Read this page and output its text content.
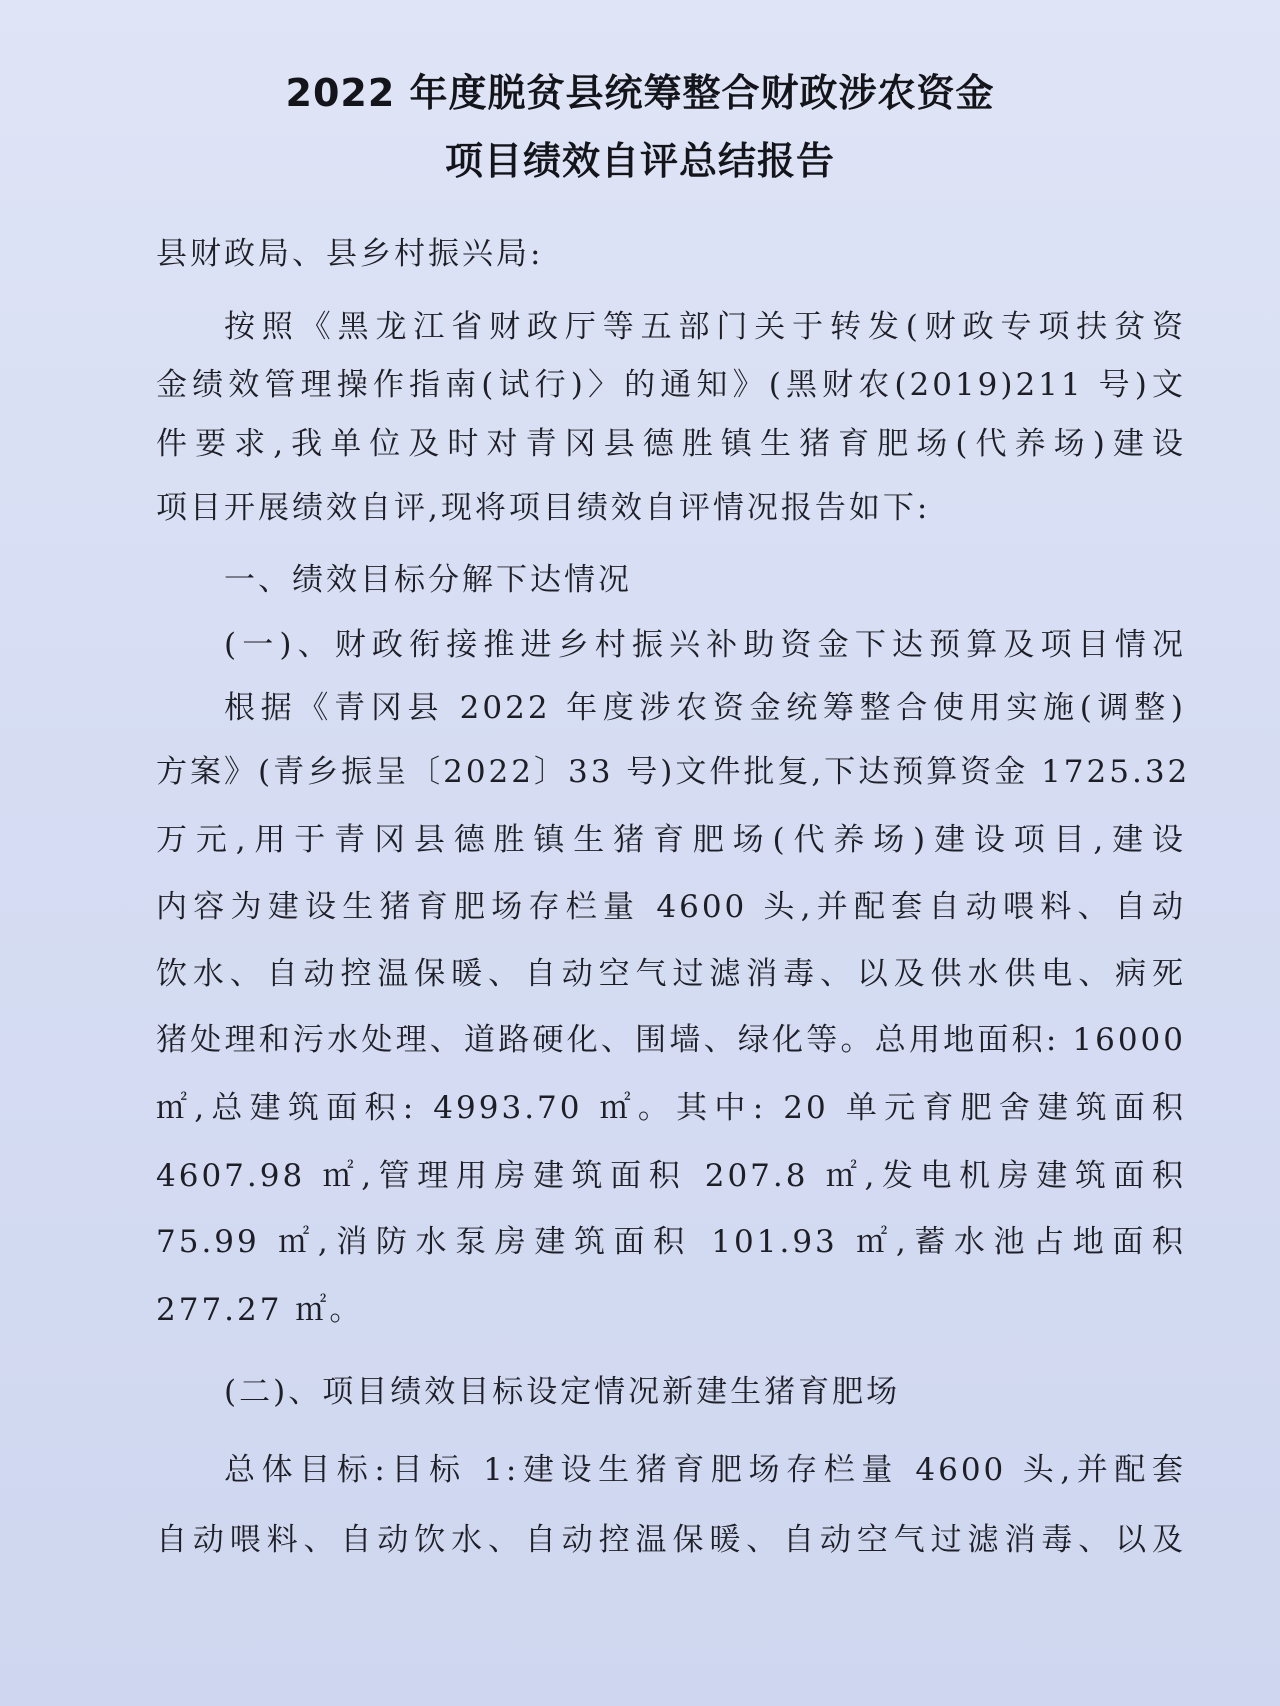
2022 年度脱贫县统筹整合财政涉农资金
项目绩效自评总结报告
县财政局、县乡村振兴局:
按照《黑龙江省财政厅等五部门关于转发(财政专项扶贫资
金绩效管理操作指南(试行)〉的通知》(黑财农(2019)211 号)文
件要求,我单位及时对青冈县德胜镇生猪育肥场(代养场)建设
项目开展绩效自评,现将项目绩效自评情况报告如下:
一、绩效目标分解下达情况
(一)、财政衔接推进乡村振兴补助资金下达预算及项目情况
根据《青冈县 2022 年度涉农资金统筹整合使用实施(调整)
方案》(青乡振呈〔2022〕33 号)文件批复,下达预算资金 1725.32
万元,用于青冈县德胜镇生猪育肥场(代养场)建设项目,建设
内容为建设生猪育肥场存栏量 4600 头,并配套自动喂料、自动
饮水、自动控温保暖、自动空气过滤消毒、以及供水供电、病死
猪处理和污水处理、道路硬化、围墙、绿化等。总用地面积: 16000
㎡,总建筑面积: 4993.70 ㎡。其中: 20 单元育肥舍建筑面积
4607.98 ㎡,管理用房建筑面积 207.8 ㎡,发电机房建筑面积
75.99 ㎡,消防水泵房建筑面积 101.93 ㎡,蓄水池占地面积
277.27 ㎡。
(二)、项目绩效目标设定情况新建生猪育肥场
总体目标:目标 1:建设生猪育肥场存栏量 4600 头,并配套
自动喂料、自动饮水、自动控温保暖、自动空气过滤消毒、以及
